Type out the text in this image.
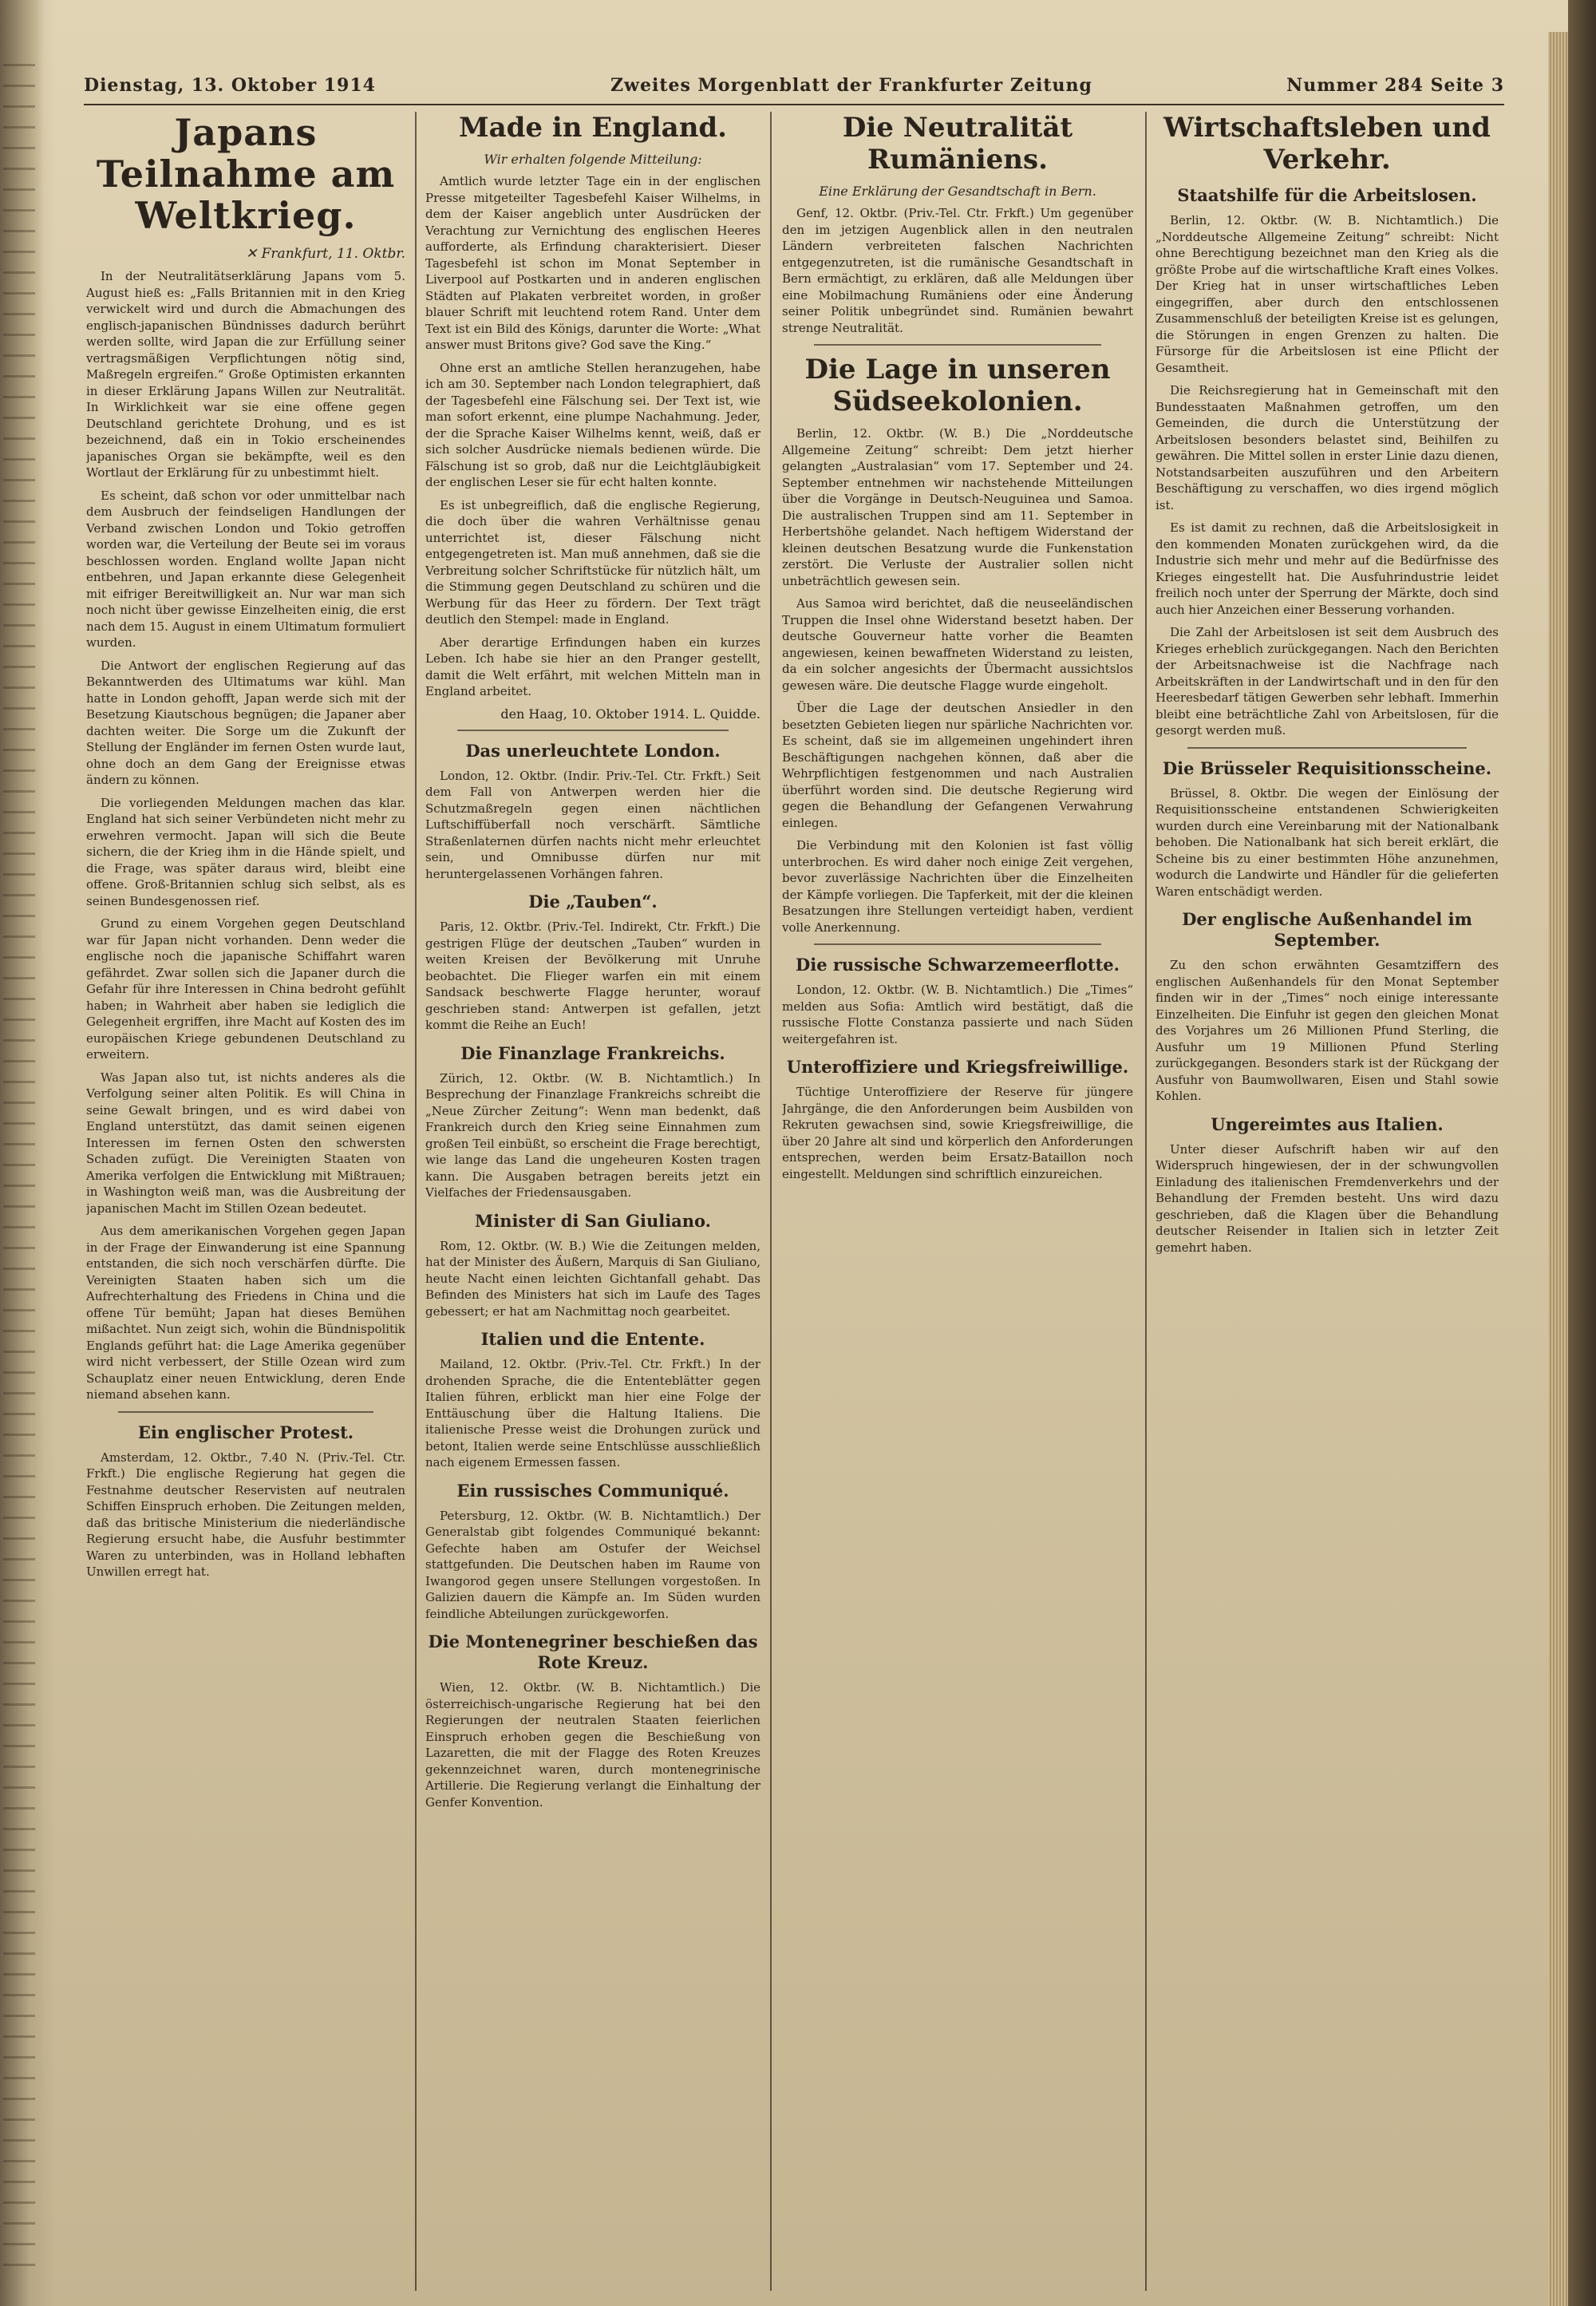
Dienstag, 13. Oktober 1914	Zweites Morgenblatt der Frankfurter Zeitung	Nummer 284 Seite 3
Japans Teilnahme am Weltkrieg.
✕ Frankfurt, 11. Oktbr.

In der Neutralitätserklärung Japans vom 5. August hieß es: „Falls Britannien mit in den Krieg verwickelt wird und durch die Abmachungen des englisch-japanischen Bündnisses dadurch berührt werden sollte, wird Japan die zur Erfüllung seiner vertragsmäßigen Verpflichtungen nötig sind, Maßregeln ergreifen.“ Große Optimisten erkannten in dieser Erklärung Japans Willen zur Neutralität. In Wirklichkeit war sie eine offene gegen Deutschland gerichtete Drohung, und es ist bezeichnend, daß ein in Tokio erscheinendes japanisches Organ sie bekämpfte, weil es den Wortlaut der Erklärung für zu unbestimmt hielt.

Es scheint, daß schon vor oder unmittelbar nach dem Ausbruch der feindseligen Handlungen der Verband zwischen London und Tokio getroffen worden war, die Verteilung der Beute sei im voraus beschlossen worden. England wollte Japan nicht entbehren, und Japan erkannte diese Gelegenheit mit eifriger Bereitwilligkeit an. Nur war man sich noch nicht über gewisse Einzelheiten einig, die erst nach dem 15. August in einem Ultimatum formuliert wurden.

Die Antwort der englischen Regierung auf das Bekanntwerden des Ultimatums war kühl. Man hatte in London gehofft, Japan werde sich mit der Besetzung Kiautschous begnügen; die Japaner aber dachten weiter. Die Sorge um die Zukunft der Stellung der Engländer im fernen Osten wurde laut, ohne doch an dem Gang der Ereignisse etwas ändern zu können.

Die vorliegenden Meldungen machen das klar. England hat sich seiner Verbündeten nicht mehr zu erwehren vermocht. Japan will sich die Beute sichern, die der Krieg ihm in die Hände spielt, und die Frage, was später daraus wird, bleibt eine offene. Groß-Britannien schlug sich selbst, als es seinen Bundesgenossen rief.

Grund zu einem Vorgehen gegen Deutschland war für Japan nicht vorhanden. Denn weder die englische noch die japanische Schiffahrt waren gefährdet. Zwar sollen sich die Japaner durch die Gefahr für ihre Interessen in China bedroht gefühlt haben; in Wahrheit aber haben sie lediglich die Gelegenheit ergriffen, ihre Macht auf Kosten des im europäischen Kriege gebundenen Deutschland zu erweitern.

Was Japan also tut, ist nichts anderes als die Verfolgung seiner alten Politik. Es will China in seine Gewalt bringen, und es wird dabei von England unterstützt, das damit seinen eigenen Interessen im fernen Osten den schwersten Schaden zufügt. Die Vereinigten Staaten von Amerika verfolgen die Entwicklung mit Mißtrauen; in Washington weiß man, was die Ausbreitung der japanischen Macht im Stillen Ozean bedeutet.

Aus dem amerikanischen Vorgehen gegen Japan in der Frage der Einwanderung ist eine Spannung entstanden, die sich noch verschärfen dürfte. Die Vereinigten Staaten haben sich um die Aufrechterhaltung des Friedens in China und die offene Tür bemüht; Japan hat dieses Bemühen mißachtet. Nun zeigt sich, wohin die Bündnispolitik Englands geführt hat: die Lage Amerika gegenüber wird nicht verbessert, der Stille Ozean wird zum Schauplatz einer neuen Entwicklung, deren Ende niemand absehen kann.

Ein englischer Protest.

Amsterdam, 12. Oktbr., 7.40 N. (Priv.-Tel. Ctr. Frkft.) Die englische Regierung hat gegen die Festnahme deutscher Reservisten auf neutralen Schiffen Einspruch erhoben. Die Zeitungen melden, daß das britische Ministerium die niederländische Regierung ersucht habe, die Ausfuhr bestimmter Waren zu unterbinden, was in Holland lebhaften Unwillen erregt hat.

Made in England.
Wir erhalten folgende Mitteilung:

Amtlich wurde letzter Tage ein in der englischen Presse mitgeteilter Tagesbefehl Kaiser Wilhelms, in dem der Kaiser angeblich unter Ausdrücken der Verachtung zur Vernichtung des englischen Heeres aufforderte, als Erfindung charakterisiert. Dieser Tagesbefehl ist schon im Monat September in Liverpool auf Postkarten und in anderen englischen Städten auf Plakaten verbreitet worden, in großer blauer Schrift mit leuchtend rotem Rand. Unter dem Text ist ein Bild des Königs, darunter die Worte: „What answer must Britons give? God save the King.“

Ohne erst an amtliche Stellen heranzugehen, habe ich am 30. September nach London telegraphiert, daß der Tagesbefehl eine Fälschung sei. Der Text ist, wie man sofort erkennt, eine plumpe Nachahmung. Jeder, der die Sprache Kaiser Wilhelms kennt, weiß, daß er sich solcher Ausdrücke niemals bedienen würde. Die Fälschung ist so grob, daß nur die Leichtgläubigkeit der englischen Leser sie für echt halten konnte.

Es ist unbegreiflich, daß die englische Regierung, die doch über die wahren Verhältnisse genau unterrichtet ist, dieser Fälschung nicht entgegengetreten ist. Man muß annehmen, daß sie die Verbreitung solcher Schriftstücke für nützlich hält, um die Stimmung gegen Deutschland zu schüren und die Werbung für das Heer zu fördern. Der Text trägt deutlich den Stempel: made in England.

Aber derartige Erfindungen haben ein kurzes Leben. Ich habe sie hier an den Pranger gestellt, damit die Welt erfährt, mit welchen Mitteln man in England arbeitet.

den Haag, 10. Oktober 1914. L. Quidde.
Das unerleuchtete London.

London, 12. Oktbr. (Indir. Priv.-Tel. Ctr. Frkft.) Seit dem Fall von Antwerpen werden hier die Schutzmaßregeln gegen einen nächtlichen Luftschiffüberfall noch verschärft. Sämtliche Straßenlaternen dürfen nachts nicht mehr erleuchtet sein, und Omnibusse dürfen nur mit heruntergelassenen Vorhängen fahren.

Die „Tauben“.

Paris, 12. Oktbr. (Priv.-Tel. Indirekt, Ctr. Frkft.) Die gestrigen Flüge der deutschen „Tauben“ wurden in weiten Kreisen der Bevölkerung mit Unruhe beobachtet. Die Flieger warfen ein mit einem Sandsack beschwerte Flagge herunter, worauf geschrieben stand: Antwerpen ist gefallen, jetzt kommt die Reihe an Euch!

Die Finanzlage Frankreichs.

Zürich, 12. Oktbr. (W. B. Nichtamtlich.) In Besprechung der Finanzlage Frankreichs schreibt die „Neue Zürcher Zeitung“: Wenn man bedenkt, daß Frankreich durch den Krieg seine Einnahmen zum großen Teil einbüßt, so erscheint die Frage berechtigt, wie lange das Land die ungeheuren Kosten tragen kann. Die Ausgaben betragen bereits jetzt ein Vielfaches der Friedensausgaben.

Minister di San Giuliano.

Rom, 12. Oktbr. (W. B.) Wie die Zeitungen melden, hat der Minister des Äußern, Marquis di San Giuliano, heute Nacht einen leichten Gichtanfall gehabt. Das Befinden des Ministers hat sich im Laufe des Tages gebessert; er hat am Nachmittag noch gearbeitet.

Italien und die Entente.

Mailand, 12. Oktbr. (Priv.-Tel. Ctr. Frkft.) In der drohenden Sprache, die die Ententeblätter gegen Italien führen, erblickt man hier eine Folge der Enttäuschung über die Haltung Italiens. Die italienische Presse weist die Drohungen zurück und betont, Italien werde seine Entschlüsse ausschließlich nach eigenem Ermessen fassen.

Ein russisches Communiqué.

Petersburg, 12. Oktbr. (W. B. Nichtamtlich.) Der Generalstab gibt folgendes Communiqué bekannt: Gefechte haben am Ostufer der Weichsel stattgefunden. Die Deutschen haben im Raume von Iwangorod gegen unsere Stellungen vorgestoßen. In Galizien dauern die Kämpfe an. Im Süden wurden feindliche Abteilungen zurückgeworfen.

Die Montenegriner beschießen das Rote Kreuz.

Wien, 12. Oktbr. (W. B. Nichtamtlich.) Die österreichisch-ungarische Regierung hat bei den Regierungen der neutralen Staaten feierlichen Einspruch erhoben gegen die Beschießung von Lazaretten, die mit der Flagge des Roten Kreuzes gekennzeichnet waren, durch montenegrinische Artillerie. Die Regierung verlangt die Einhaltung der Genfer Konvention.

Die Neutralität Rumäniens.
Eine Erklärung der Gesandtschaft in Bern.

Genf, 12. Oktbr. (Priv.-Tel. Ctr. Frkft.) Um gegenüber den im jetzigen Augenblick allen in den neutralen Ländern verbreiteten falschen Nachrichten entgegenzutreten, ist die rumänische Gesandtschaft in Bern ermächtigt, zu erklären, daß alle Meldungen über eine Mobilmachung Rumäniens oder eine Änderung seiner Politik unbegründet sind. Rumänien bewahrt strenge Neutralität.

Die Lage in unseren Südseekolonien.

Berlin, 12. Oktbr. (W. B.) Die „Norddeutsche Allgemeine Zeitung“ schreibt: Dem jetzt hierher gelangten „Australasian“ vom 17. September und 24. September entnehmen wir nachstehende Mitteilungen über die Vorgänge in Deutsch-Neuguinea und Samoa. Die australischen Truppen sind am 11. September in Herbertshöhe gelandet. Nach heftigem Widerstand der kleinen deutschen Besatzung wurde die Funkenstation zerstört. Die Verluste der Australier sollen nicht unbeträchtlich gewesen sein.

Aus Samoa wird berichtet, daß die neuseeländischen Truppen die Insel ohne Widerstand besetzt haben. Der deutsche Gouverneur hatte vorher die Beamten angewiesen, keinen bewaffneten Widerstand zu leisten, da ein solcher angesichts der Übermacht aussichtslos gewesen wäre. Die deutsche Flagge wurde eingeholt.

Über die Lage der deutschen Ansiedler in den besetzten Gebieten liegen nur spärliche Nachrichten vor. Es scheint, daß sie im allgemeinen ungehindert ihren Beschäftigungen nachgehen können, daß aber die Wehrpflichtigen festgenommen und nach Australien überführt worden sind. Die deutsche Regierung wird gegen die Behandlung der Gefangenen Verwahrung einlegen.

Die Verbindung mit den Kolonien ist fast völlig unterbrochen. Es wird daher noch einige Zeit vergehen, bevor zuverlässige Nachrichten über die Einzelheiten der Kämpfe vorliegen. Die Tapferkeit, mit der die kleinen Besatzungen ihre Stellungen verteidigt haben, verdient volle Anerkennung.

Die russische Schwarzemeerflotte.

London, 12. Oktbr. (W. B. Nichtamtlich.) Die „Times“ melden aus Sofia: Amtlich wird bestätigt, daß die russische Flotte Constanza passierte und nach Süden weitergefahren ist.

Unteroffiziere und Kriegsfreiwillige.

Tüchtige Unteroffiziere der Reserve für jüngere Jahrgänge, die den Anforderungen beim Ausbilden von Rekruten gewachsen sind, sowie Kriegsfreiwillige, die über 20 Jahre alt sind und körperlich den Anforderungen entsprechen, werden beim Ersatz-Bataillon noch eingestellt. Meldungen sind schriftlich einzureichen.

Wirtschaftsleben und Verkehr.
Staatshilfe für die Arbeitslosen.

Berlin, 12. Oktbr. (W. B. Nichtamtlich.) Die „Norddeutsche Allgemeine Zeitung“ schreibt: Nicht ohne Berechtigung bezeichnet man den Krieg als die größte Probe auf die wirtschaftliche Kraft eines Volkes. Der Krieg hat in unser wirtschaftliches Leben eingegriffen, aber durch den entschlossenen Zusammenschluß der beteiligten Kreise ist es gelungen, die Störungen in engen Grenzen zu halten. Die Fürsorge für die Arbeitslosen ist eine Pflicht der Gesamtheit.

Die Reichsregierung hat in Gemeinschaft mit den Bundesstaaten Maßnahmen getroffen, um den Gemeinden, die durch die Unterstützung der Arbeitslosen besonders belastet sind, Beihilfen zu gewähren. Die Mittel sollen in erster Linie dazu dienen, Notstandsarbeiten auszuführen und den Arbeitern Beschäftigung zu verschaffen, wo dies irgend möglich ist.

Es ist damit zu rechnen, daß die Arbeitslosigkeit in den kommenden Monaten zurückgehen wird, da die Industrie sich mehr und mehr auf die Bedürfnisse des Krieges eingestellt hat. Die Ausfuhrindustrie leidet freilich noch unter der Sperrung der Märkte, doch sind auch hier Anzeichen einer Besserung vorhanden.

Die Zahl der Arbeitslosen ist seit dem Ausbruch des Krieges erheblich zurückgegangen. Nach den Berichten der Arbeitsnachweise ist die Nachfrage nach Arbeitskräften in der Landwirtschaft und in den für den Heeresbedarf tätigen Gewerben sehr lebhaft. Immerhin bleibt eine beträchtliche Zahl von Arbeitslosen, für die gesorgt werden muß.

Die Brüsseler Requisitionsscheine.

Brüssel, 8. Oktbr. Die wegen der Einlösung der Requisitionsscheine entstandenen Schwierigkeiten wurden durch eine Vereinbarung mit der Nationalbank behoben. Die Nationalbank hat sich bereit erklärt, die Scheine bis zu einer bestimmten Höhe anzunehmen, wodurch die Landwirte und Händler für die gelieferten Waren entschädigt werden.

Der englische Außenhandel im September.

Zu den schon erwähnten Gesamtziffern des englischen Außenhandels für den Monat September finden wir in der „Times“ noch einige interessante Einzelheiten. Die Einfuhr ist gegen den gleichen Monat des Vorjahres um 26 Millionen Pfund Sterling, die Ausfuhr um 19 Millionen Pfund Sterling zurückgegangen. Besonders stark ist der Rückgang der Ausfuhr von Baumwollwaren, Eisen und Stahl sowie Kohlen.

Ungereimtes aus Italien.

Unter dieser Aufschrift haben wir auf den Widerspruch hingewiesen, der in der schwungvollen Einladung des italienischen Fremdenverkehrs und der Behandlung der Fremden besteht. Uns wird dazu geschrieben, daß die Klagen über die Behandlung deutscher Reisender in Italien sich in letzter Zeit gemehrt haben.
